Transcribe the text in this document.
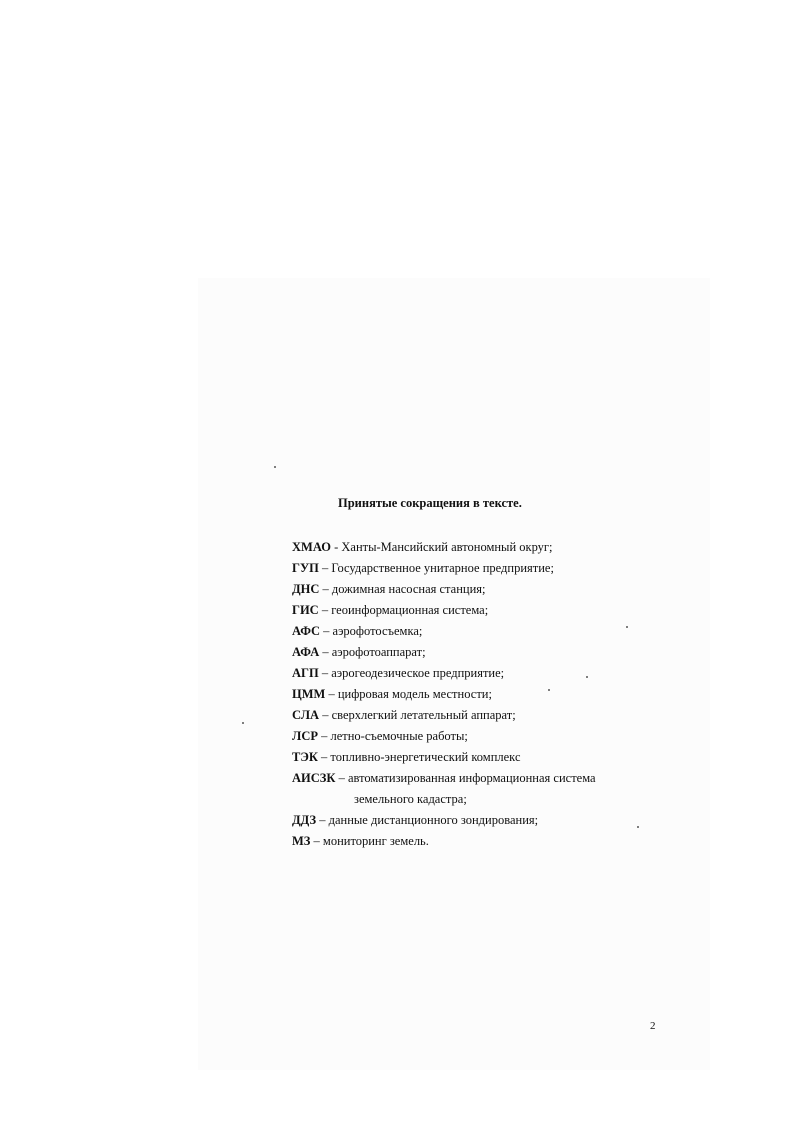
Принятые сокращения в тексте.
ХМАО - Ханты-Мансийский автономный округ;
ГУП – Государственное унитарное предприятие;
ДНС – дожимная насосная станция;
ГИС – геоинформационная система;
АФС – аэрофотосъемка;
АФА – аэрофотоаппарат;
АГП – аэрогеодезическое предприятие;
ЦММ – цифровая модель местности;
СЛА – сверхлегкий летательный аппарат;
ЛСР – летно-съемочные работы;
ТЭК – топливно-энергетический комплекс
АИСЗК – автоматизированная информационная система
земельного кадастра;
ДДЗ – данные дистанционного зондирования;
МЗ – мониторинг земель.
2
